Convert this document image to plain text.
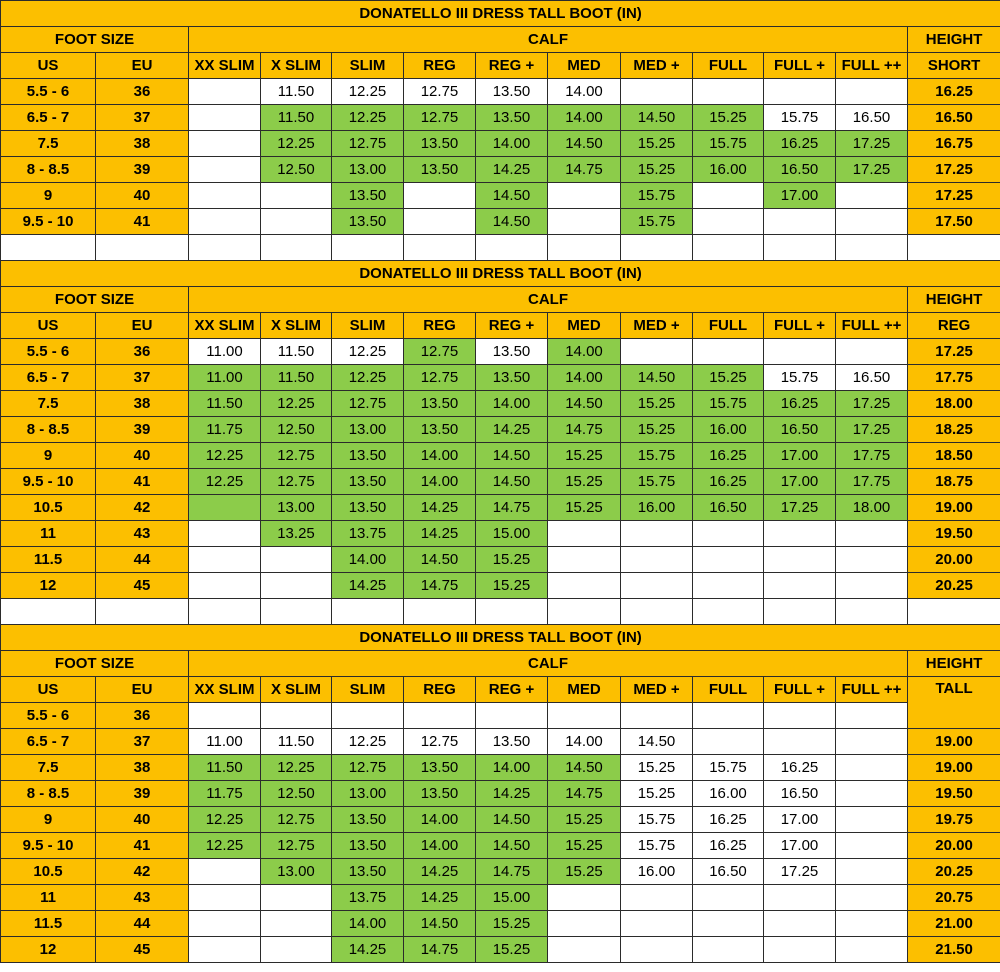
DONATELLO III DRESS TALL BOOT (IN)												
FOOT SIZE		CALF										HEIGHT
US	EU	XX SLIM	X SLIM	SLIM	REG	REG +	MED	MED +	FULL	FULL +	FULL ++	SHORT
5.5 - 6	36		11.50	12.25	12.75	13.50	14.00					16.25
6.5 - 7	37		11.50	12.25	12.75	13.50	14.00	14.50	15.25	15.75	16.50	16.50
7.5	38		12.25	12.75	13.50	14.00	14.50	15.25	15.75	16.25	17.25	16.75
8 - 8.5	39		12.50	13.00	13.50	14.25	14.75	15.25	16.00	16.50	17.25	17.25
9	40			13.50		14.50		15.75		17.00		17.25
9.5 - 10	41			13.50		14.50		15.75				17.50

DONATELLO III DRESS TALL BOOT (IN)												
FOOT SIZE		CALF										HEIGHT
US	EU	XX SLIM	X SLIM	SLIM	REG	REG +	MED	MED +	FULL	FULL +	FULL ++	REG
5.5 - 6	36	11.00	11.50	12.25	12.75	13.50	14.00					17.25
6.5 - 7	37	11.00	11.50	12.25	12.75	13.50	14.00	14.50	15.25	15.75	16.50	17.75
7.5	38	11.50	12.25	12.75	13.50	14.00	14.50	15.25	15.75	16.25	17.25	18.00
8 - 8.5	39	11.75	12.50	13.00	13.50	14.25	14.75	15.25	16.00	16.50	17.25	18.25
9	40	12.25	12.75	13.50	14.00	14.50	15.25	15.75	16.25	17.00	17.75	18.50
9.5 - 10	41	12.25	12.75	13.50	14.00	14.50	15.25	15.75	16.25	17.00	17.75	18.75
10.5	42		13.00	13.50	14.25	14.75	15.25	16.00	16.50	17.25	18.00	19.00
11	43		13.25	13.75	14.25	15.00						19.50
11.5	44			14.00	14.50	15.25						20.00
12	45			14.25	14.75	15.25						20.25

DONATELLO III DRESS TALL BOOT (IN)												
FOOT SIZE		CALF										HEIGHT
US	EU	XX SLIM	X SLIM	SLIM	REG	REG +	MED	MED +	FULL	FULL +	FULL ++	TALL
5.5 - 6	36											
6.5 - 7	37	11.00	11.50	12.25	12.75	13.50	14.00	14.50				19.00
7.5	38	11.50	12.25	12.75	13.50	14.00	14.50	15.25	15.75	16.25		19.00
8 - 8.5	39	11.75	12.50	13.00	13.50	14.25	14.75	15.25	16.00	16.50		19.50
9	40	12.25	12.75	13.50	14.00	14.50	15.25	15.75	16.25	17.00		19.75
9.5 - 10	41	12.25	12.75	13.50	14.00	14.50	15.25	15.75	16.25	17.00		20.00
10.5	42		13.00	13.50	14.25	14.75	15.25	16.00	16.50	17.25		20.25
11	43			13.75	14.25	15.00						20.75
11.5	44			14.00	14.50	15.25						21.00
12	45			14.25	14.75	15.25						21.50
